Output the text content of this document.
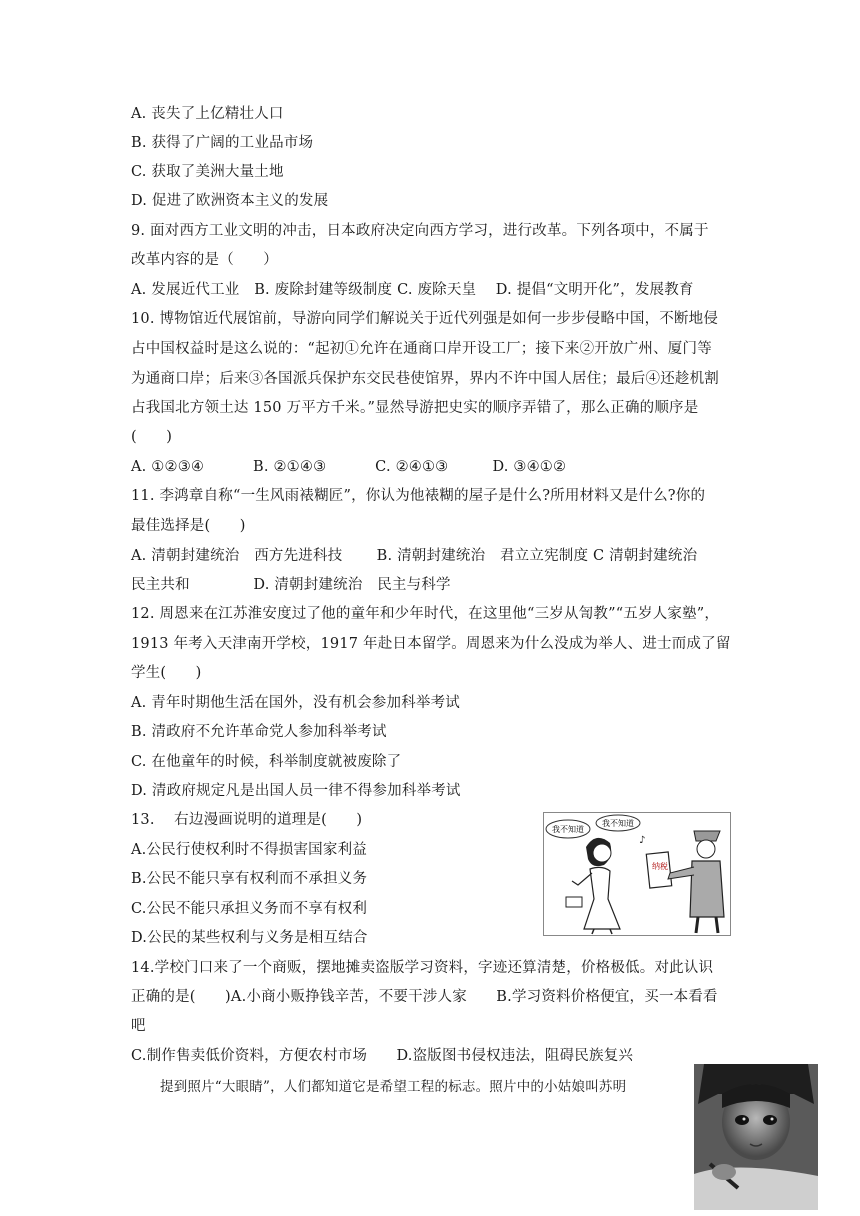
A. 丧失了上亿精壮人口
B. 获得了广阔的工业品市场
C. 获取了美洲大量土地
D. 促进了欧洲资本主义的发展
9. 面对西方工业文明的冲击，日本政府决定向西方学习，进行改革。下列各项中，不属于
改革内容的是（　　）
A. 发展近代工业　B. 废除封建等级制度 C. 废除天皇　 D. 提倡“文明开化”，发展教育
10. 博物馆近代展馆前，导游向同学们解说关于近代列强是如何一步步侵略中国，不断地侵
占中国权益时是这么说的：“起初①允许在通商口岸开设工厂；接下来②开放广州、厦门等
为通商口岸；后来③各国派兵保护东交民巷使馆界，界内不许中国人居住；最后④还趁机割
占我国北方领土达 150 万平方千米。”显然导游把史实的顺序弄错了，那么正确的顺序是
(　　)
A. ①②③④　　　 B. ②①④③　　　 C. ②④①③　　　D. ③④①②
11. 李鸿章自称“一生风雨裱糊匠”，你认为他裱糊的屋子是什么?所用材料又是什么?你的
最佳选择是(　　)
A. 清朝封建统治　西方先进科技　　 B. 清朝封建统治　君立立宪制度 C 清朝封建统治
民主共和　　　　 D. 清朝封建统治　民主与科学
12. 周恩来在江苏淮安度过了他的童年和少年时代，在这里他“三岁从訇教”“五岁人家塾”，
1913 年考入天津南开学校，1917 年赴日本留学。周恩来为什么没成为举人、进士而成了留
学生(　　)
A. 青年时期他生活在国外，没有机会参加科举考试
B. 清政府不允许革命党人参加科举考试
C. 在他童年的时候，科举制度就被废除了
D. 清政府规定凡是出国人员一律不得参加科举考试
13.　 右边漫画说明的道理是(　　)
A.公民行使权利时不得损害国家利益
B.公民不能只享有权利而不承担义务
C.公民不能只承担义务而不享有权利
D.公民的某些权利与义务是相互结合
14.学校门口来了一个商贩，摆地摊卖盗版学习资料，字迹还算清楚，价格极低。对此认识
正确的是(　　)A.小商小贩挣钱辛苦，不要干涉人家　　B.学习资料价格便宜，买一本看看
吧
C.制作售卖低价资料，方便农村市场　　D.盗版图书侵权违法，阻碍民族复兴
提到照片“大眼睛”，人们都知道它是希望工程的标志。照片中的小姑娘叫苏明
我不知道
我不知道
♪
纳税
